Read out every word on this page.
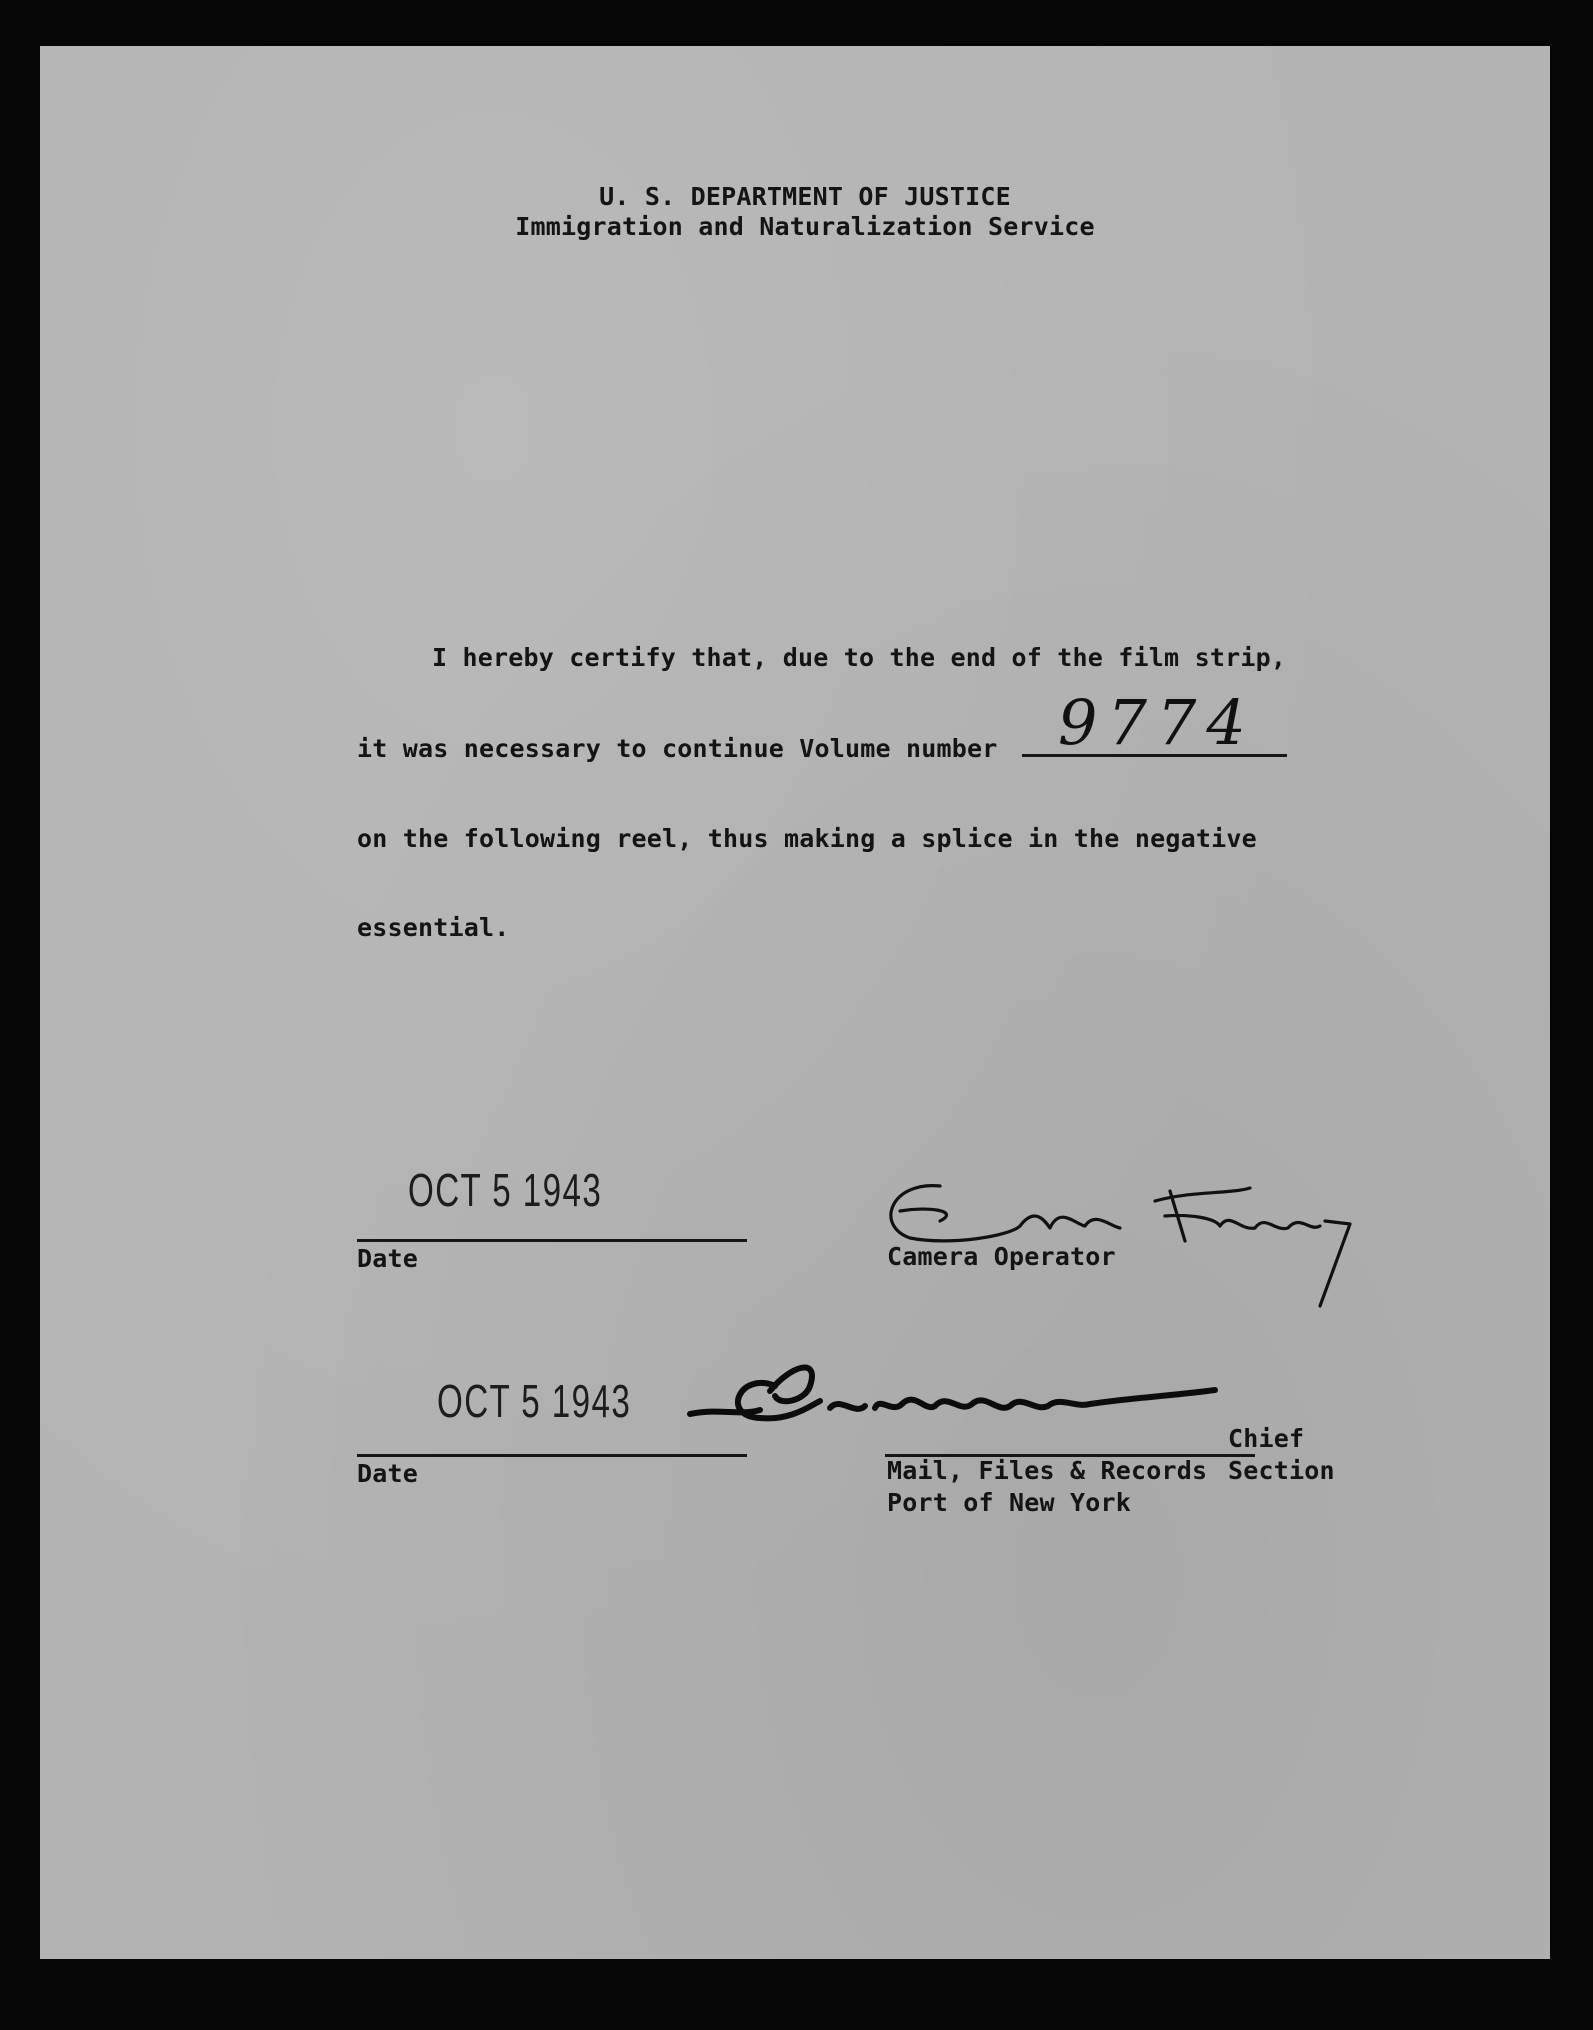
U. S. DEPARTMENT OF JUSTICE
Immigration and Naturalization Service
I hereby certify that, due to the end of the film strip,
it was necessary to continue Volume number 9774
on the following reel, thus making a splice in the negative
essential.
OCT 5 1943
Date	Camera Operator
OCT 5 1943
Date
Chief
Mail, Files & Records Section
Port of New York
